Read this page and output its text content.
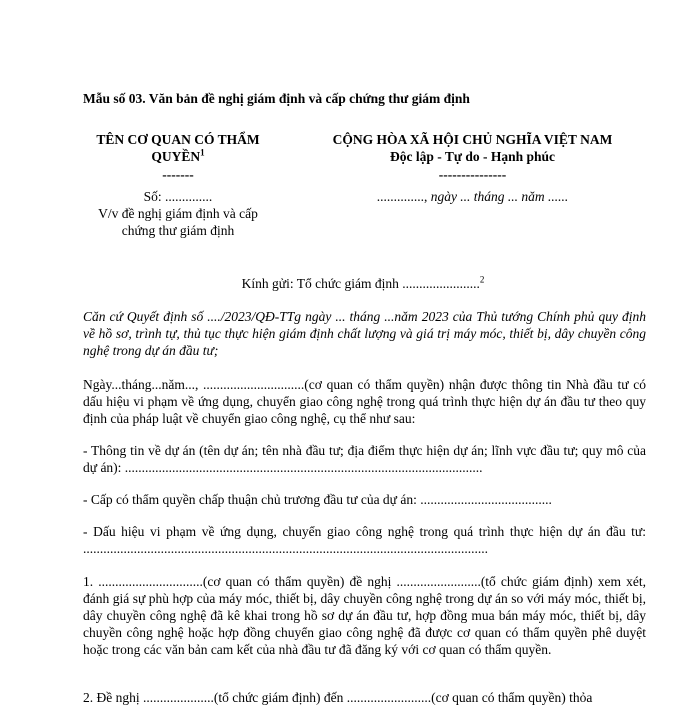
Mẫu số 03. Văn bản đề nghị giám định và cấp chứng thư giám định
TÊN CƠ QUAN CÓ THẨM QUYỀN$^1$
-------
Số: ..............
V/v đề nghị giám định và cấp
chứng thư giám định
CỘNG HÒA XÃ HỘI CHỦ NGHĨA VIỆT NAM
Độc lập - Tự do - Hạnh phúc
---------------
.............., ngày ... tháng ... năm ......
Kính gửi: Tổ chức giám định .......................$^2$
Căn cứ Quyết định số ..../2023/QĐ-TTg ngày ... tháng ...năm 2023 của Thủ tướng Chính phủ quy định về hồ sơ, trình tự, thủ tục thực hiện giám định chất lượng và giá trị máy móc, thiết bị, dây chuyền công nghệ trong dự án đầu tư;
Ngày...tháng...năm..., ..............................(cơ quan có thẩm quyền) nhận được thông tin Nhà đầu tư có dấu hiệu vi phạm về ứng dụng, chuyển giao công nghệ trong quá trình thực hiện dự án đầu tư theo quy định của pháp luật về chuyển giao công nghệ, cụ thể như sau:
- Thông tin về dự án (tên dự án; tên nhà đầu tư; địa điểm thực hiện dự án; lĩnh vực đầu tư; quy mô của dự án): ..........................................................................................................
- Cấp có thẩm quyền chấp thuận chủ trương đầu tư của dự án: .......................................
- Dấu hiệu vi phạm về ứng dụng, chuyển giao công nghệ trong quá trình thực hiện dự án đầu tư: ........................................................................................................................
1. ...............................(cơ quan có thẩm quyền) đề nghị .........................(tổ chức giám định) xem xét, đánh giá sự phù hợp của máy móc, thiết bị, dây chuyền công nghệ trong dự án so với máy móc, thiết bị, dây chuyền công nghệ đã kê khai trong hồ sơ dự án đầu tư, hợp đồng mua bán máy móc, thiết bị, dây chuyền công nghệ hoặc hợp đồng chuyển giao công nghệ đã được cơ quan có thẩm quyền phê duyệt hoặc trong các văn bản cam kết của nhà đầu tư đã đăng ký với cơ quan có thẩm quyền.
2. Đề nghị .....................(tổ chức giám định) đến .........................(cơ quan có thẩm quyền) thỏa
